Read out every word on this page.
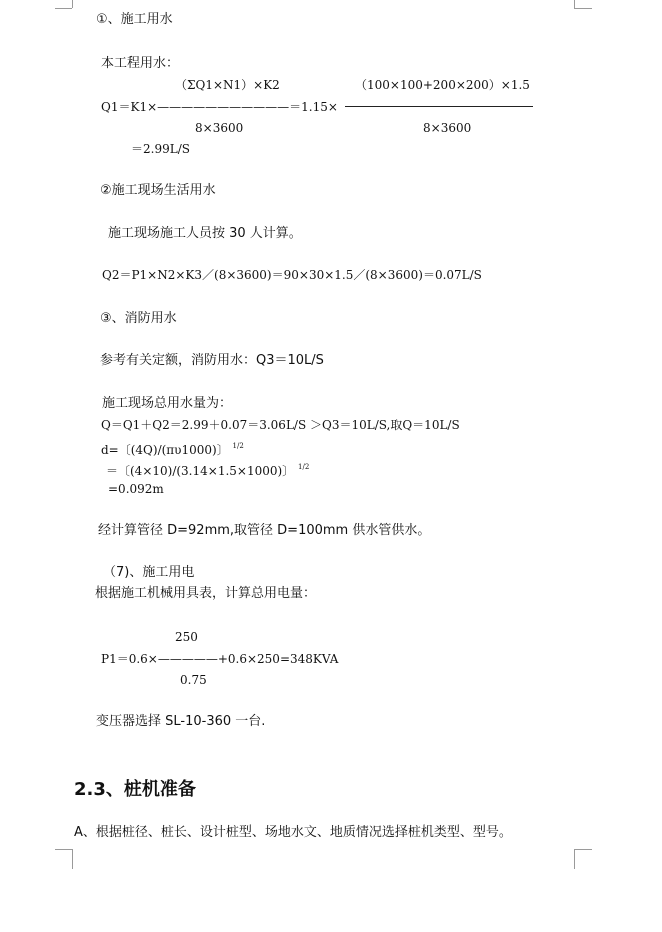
①、施工用水
本工程用水：
（ΣQ1×N1）×K2	（100×100+200×200）×1.5
Q1＝K1×———————————＝1.15×
8×3600	8×3600
＝2.99L/S
②施工现场生活用水
施工现场施工人员按 30 人计算。
Q2＝P1×N2×K3／(8×3600)＝90×30×1.5／(8×3600)＝0.07L/S
③、消防用水
参考有关定额，消防用水：Q3＝10L/S
施工现场总用水量为：
Q＝Q1＋Q2＝2.99＋0.07＝3.06L/S ＞Q3＝10L/S,取Q＝10L/S
d=〔(4Q)/(πυ1000)〕 $^{1/2}$
＝〔(4×10)/(3.14×1.5×1000)〕 $^{1/2}$
=0.092m
经计算管径 D=92mm,取管径 D=100mm 供水管供水。
（7)、施工用电
根据施工机械用具表，计算总用电量：
250
P1＝0.6×—————+0.6×250=348KVA
0.75
变压器选择 SL-10-360 一台.
2.3、桩机准备
A、根据桩径、桩长、设计桩型、场地水文、地质情况选择桩机类型、型号。
